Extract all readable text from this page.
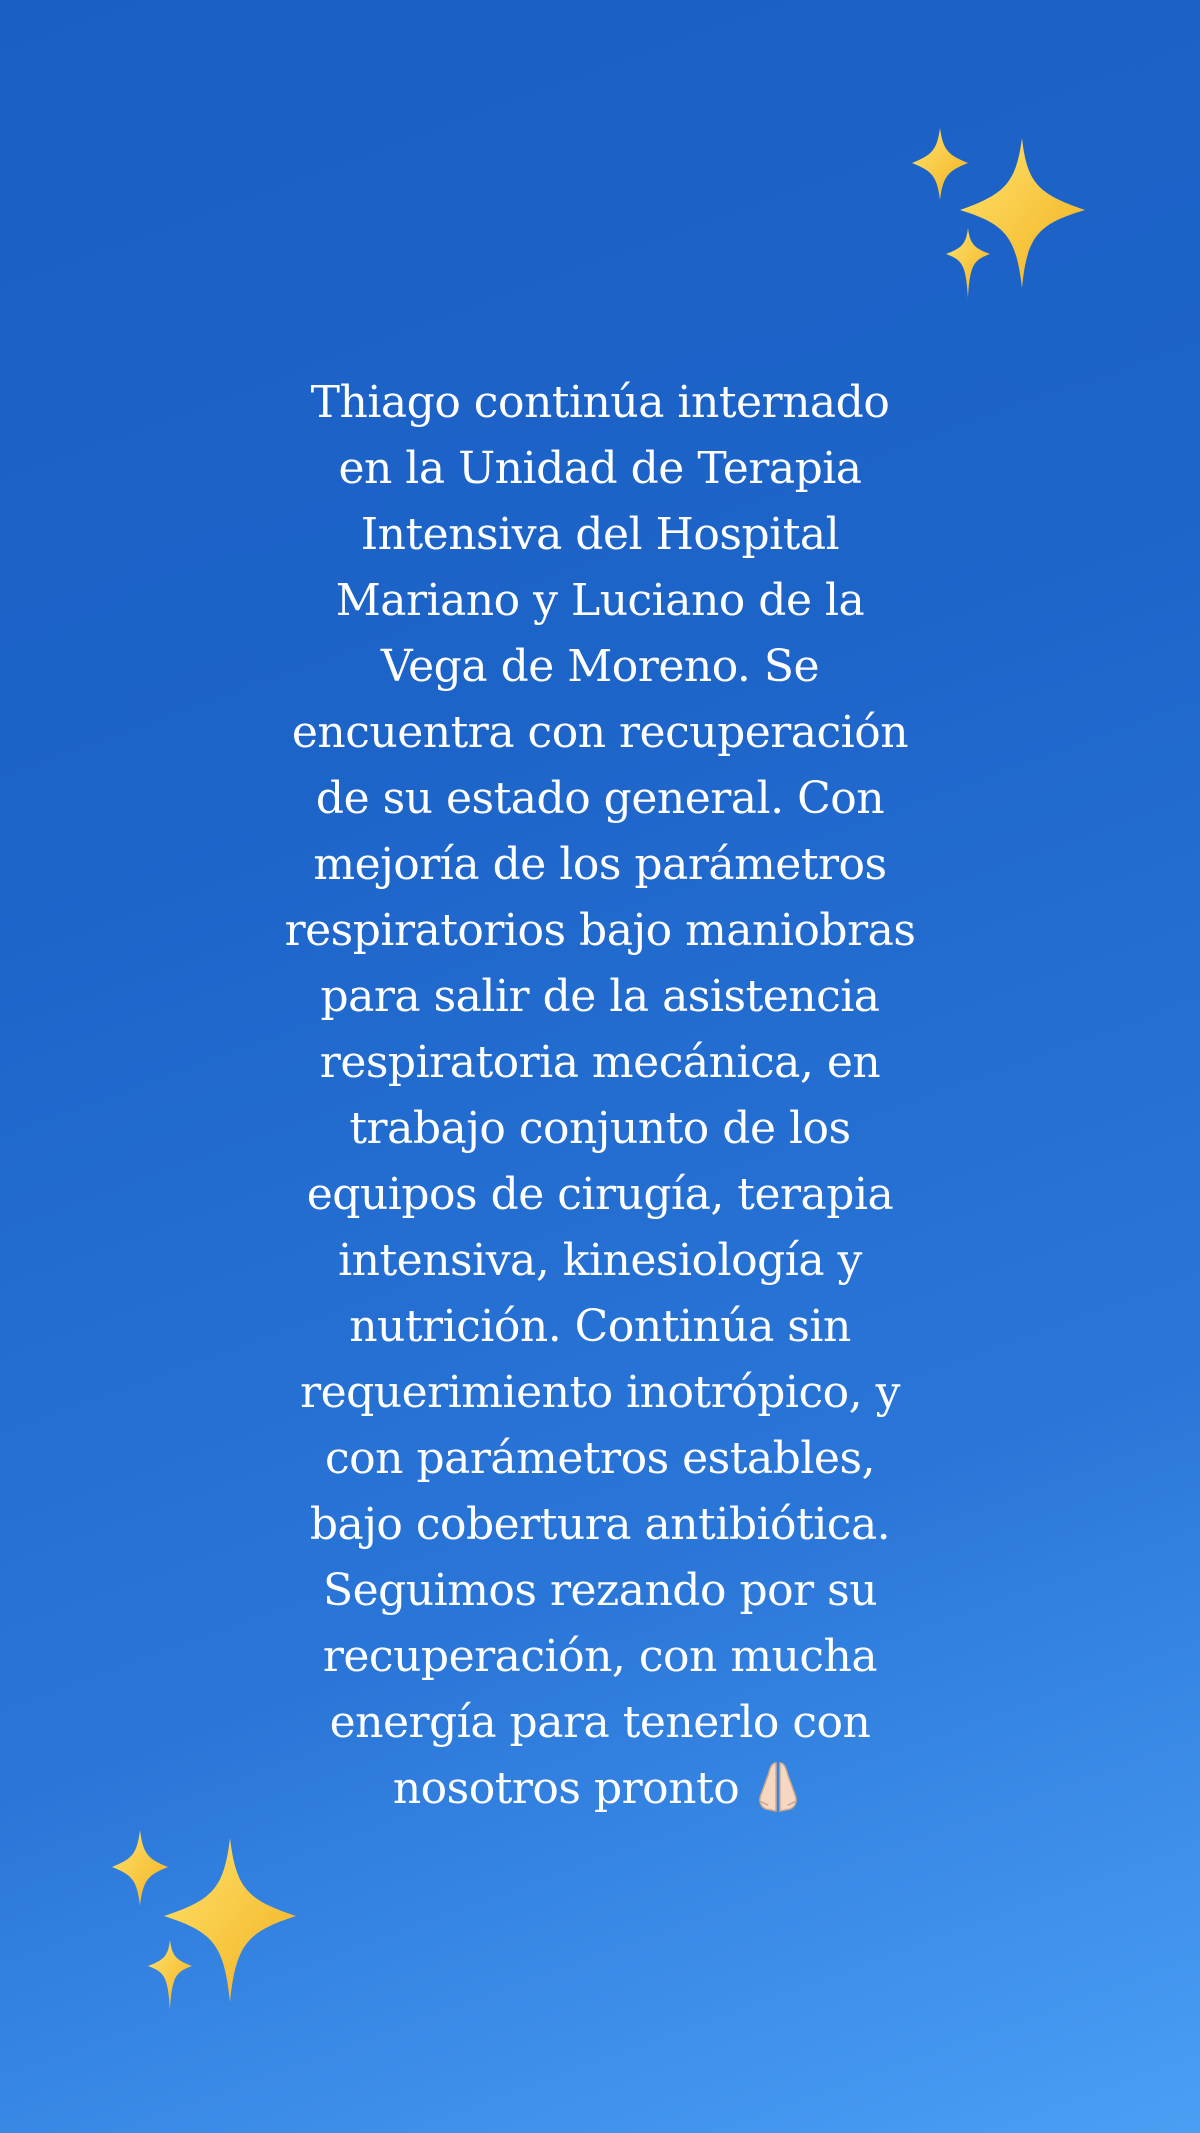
Thiago continúa internado
en la Unidad de Terapia
Intensiva del Hospital
Mariano y Luciano de la
Vega de Moreno. Se
encuentra con recuperación
de su estado general. Con
mejoría de los parámetros
respiratorios bajo maniobras
para salir de la asistencia
respiratoria mecánica, en
trabajo conjunto de los
equipos de cirugía, terapia
intensiva, kinesiología y
nutrición. Continúa sin
requerimiento inotrópico, y
con parámetros estables,
bajo cobertura antibiótica.
Seguimos rezando por su
recuperación, con mucha
energía para tenerlo con
nosotros pronto
